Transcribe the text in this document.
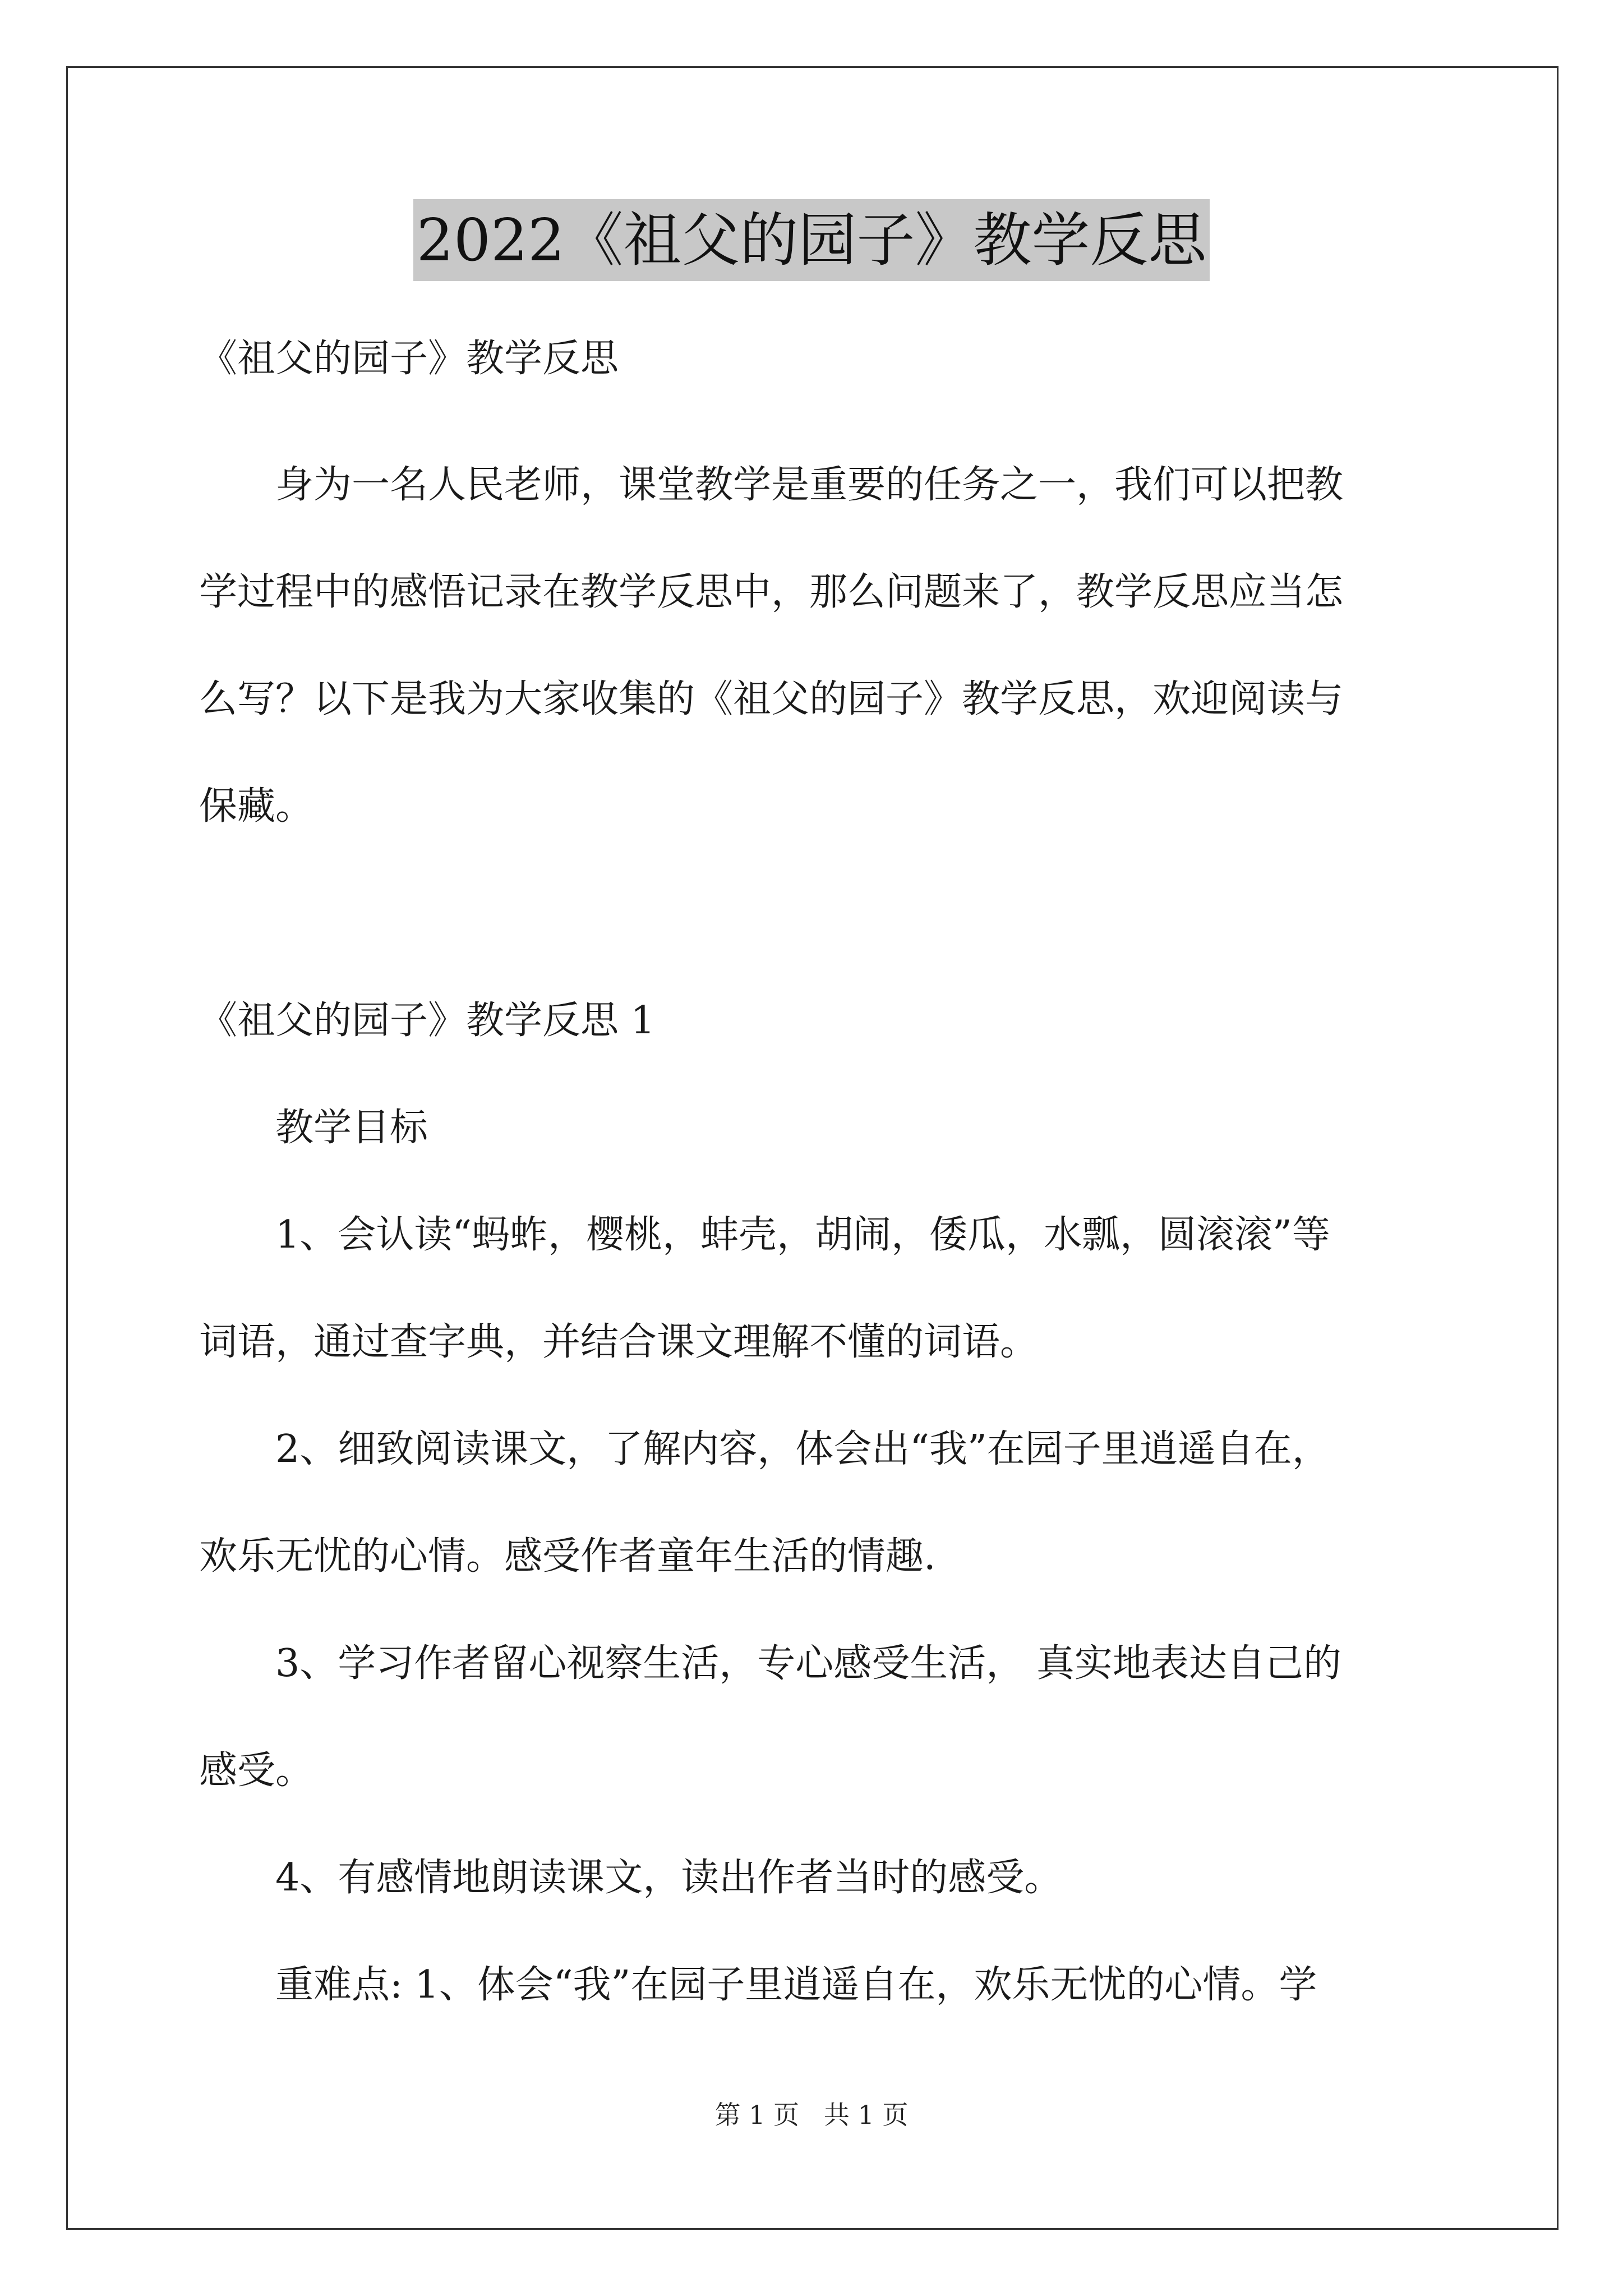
2022《祖父的园子》教学反思

《祖父的园子》教学反思

　　身为一名人民老师，课堂教学是重要的任务之一，我们可以把教

学过程中的感悟记录在教学反思中，那么问题来了，教学反思应当怎

么写？以下是我为大家收集的《祖父的园子》教学反思，欢迎阅读与

保藏。

《祖父的园子》教学反思 1

　　教学目标

　　1、会认读“蚂蚱，樱桃，蚌壳，胡闹，倭瓜，水瓢，圆滚滚”等

词语，通过查字典，并结合课文理解不懂的词语。

　　2、细致阅读课文，了解内容，体会出“我”在园子里逍遥自在，

欢乐无忧的心情。感受作者童年生活的情趣.

　　3、学习作者留心视察生活，专心感受生活， 真实地表达自己的

感受。

　　4、有感情地朗读课文，读出作者当时的感受。

　　重难点: 1、体会“我”在园子里逍遥自在，欢乐无忧的心情。学

第 1 页   共 1 页
